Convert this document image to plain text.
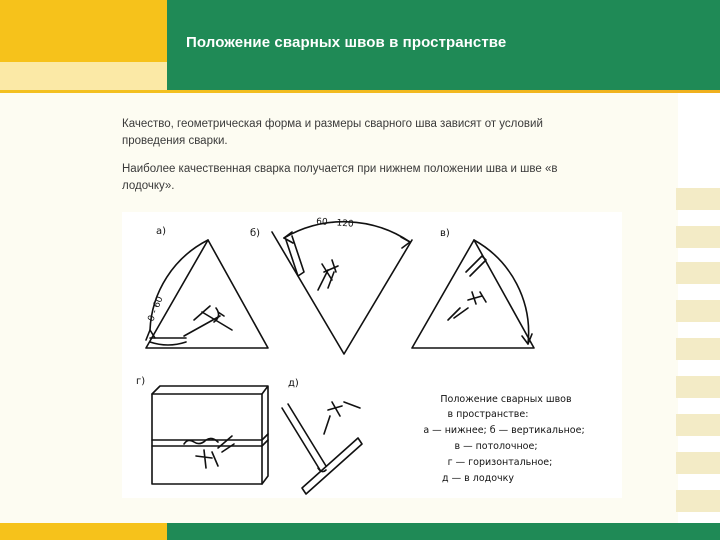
Положение сварных швов в пространстве
Качество, геометрическая форма и размеры сварного шва зависят от условий проведения сварки.
Наиболее качественная сварка получается при нижнем положении шва и шве «в лодочку».
а)	б)	в)
г)	д)
0 - 60
60 - 120
Положение сварных швов
в пространстве:
а — нижнее; б — вертикальное;
в — потолочное;
г — горизонтальное;
д — в лодочку
